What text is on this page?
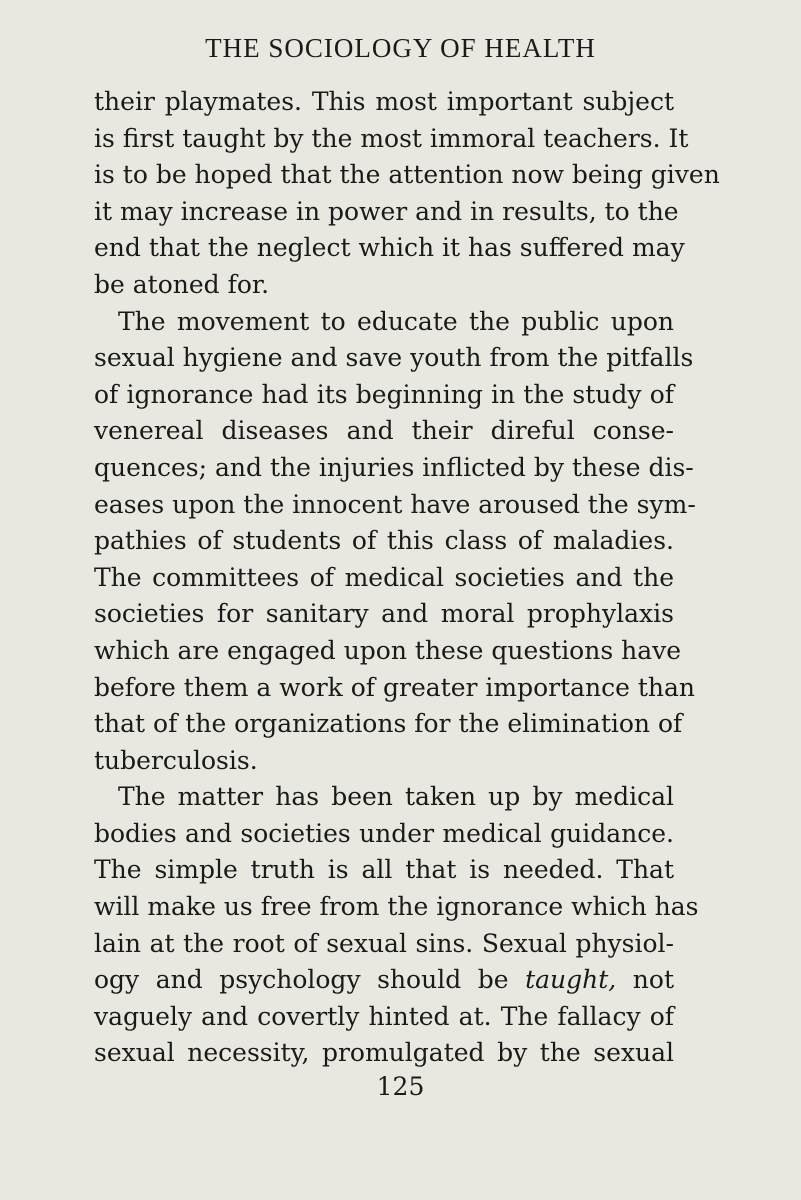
THE SOCIOLOGY OF HEALTH
their playmates. This most important subject
is first taught by the most immoral teachers. It
is to be hoped that the attention now being given
it may increase in power and in results, to the
end that the neglect which it has suffered may
be atoned for.
The movement to educate the public upon
sexual hygiene and save youth from the pitfalls
of ignorance had its beginning in the study of
venereal diseases and their direful conse-
quences; and the injuries inflicted by these dis-
eases upon the innocent have aroused the sym-
pathies of students of this class of maladies.
The committees of medical societies and the
societies for sanitary and moral prophylaxis
which are engaged upon these questions have
before them a work of greater importance than
that of the organizations for the elimination of
tuberculosis.
The matter has been taken up by medical
bodies and societies under medical guidance.
The simple truth is all that is needed. That
will make us free from the ignorance which has
lain at the root of sexual sins. Sexual physiol-
ogy and psychology should be taught, not
vaguely and covertly hinted at. The fallacy of
sexual necessity, promulgated by the sexual
125
